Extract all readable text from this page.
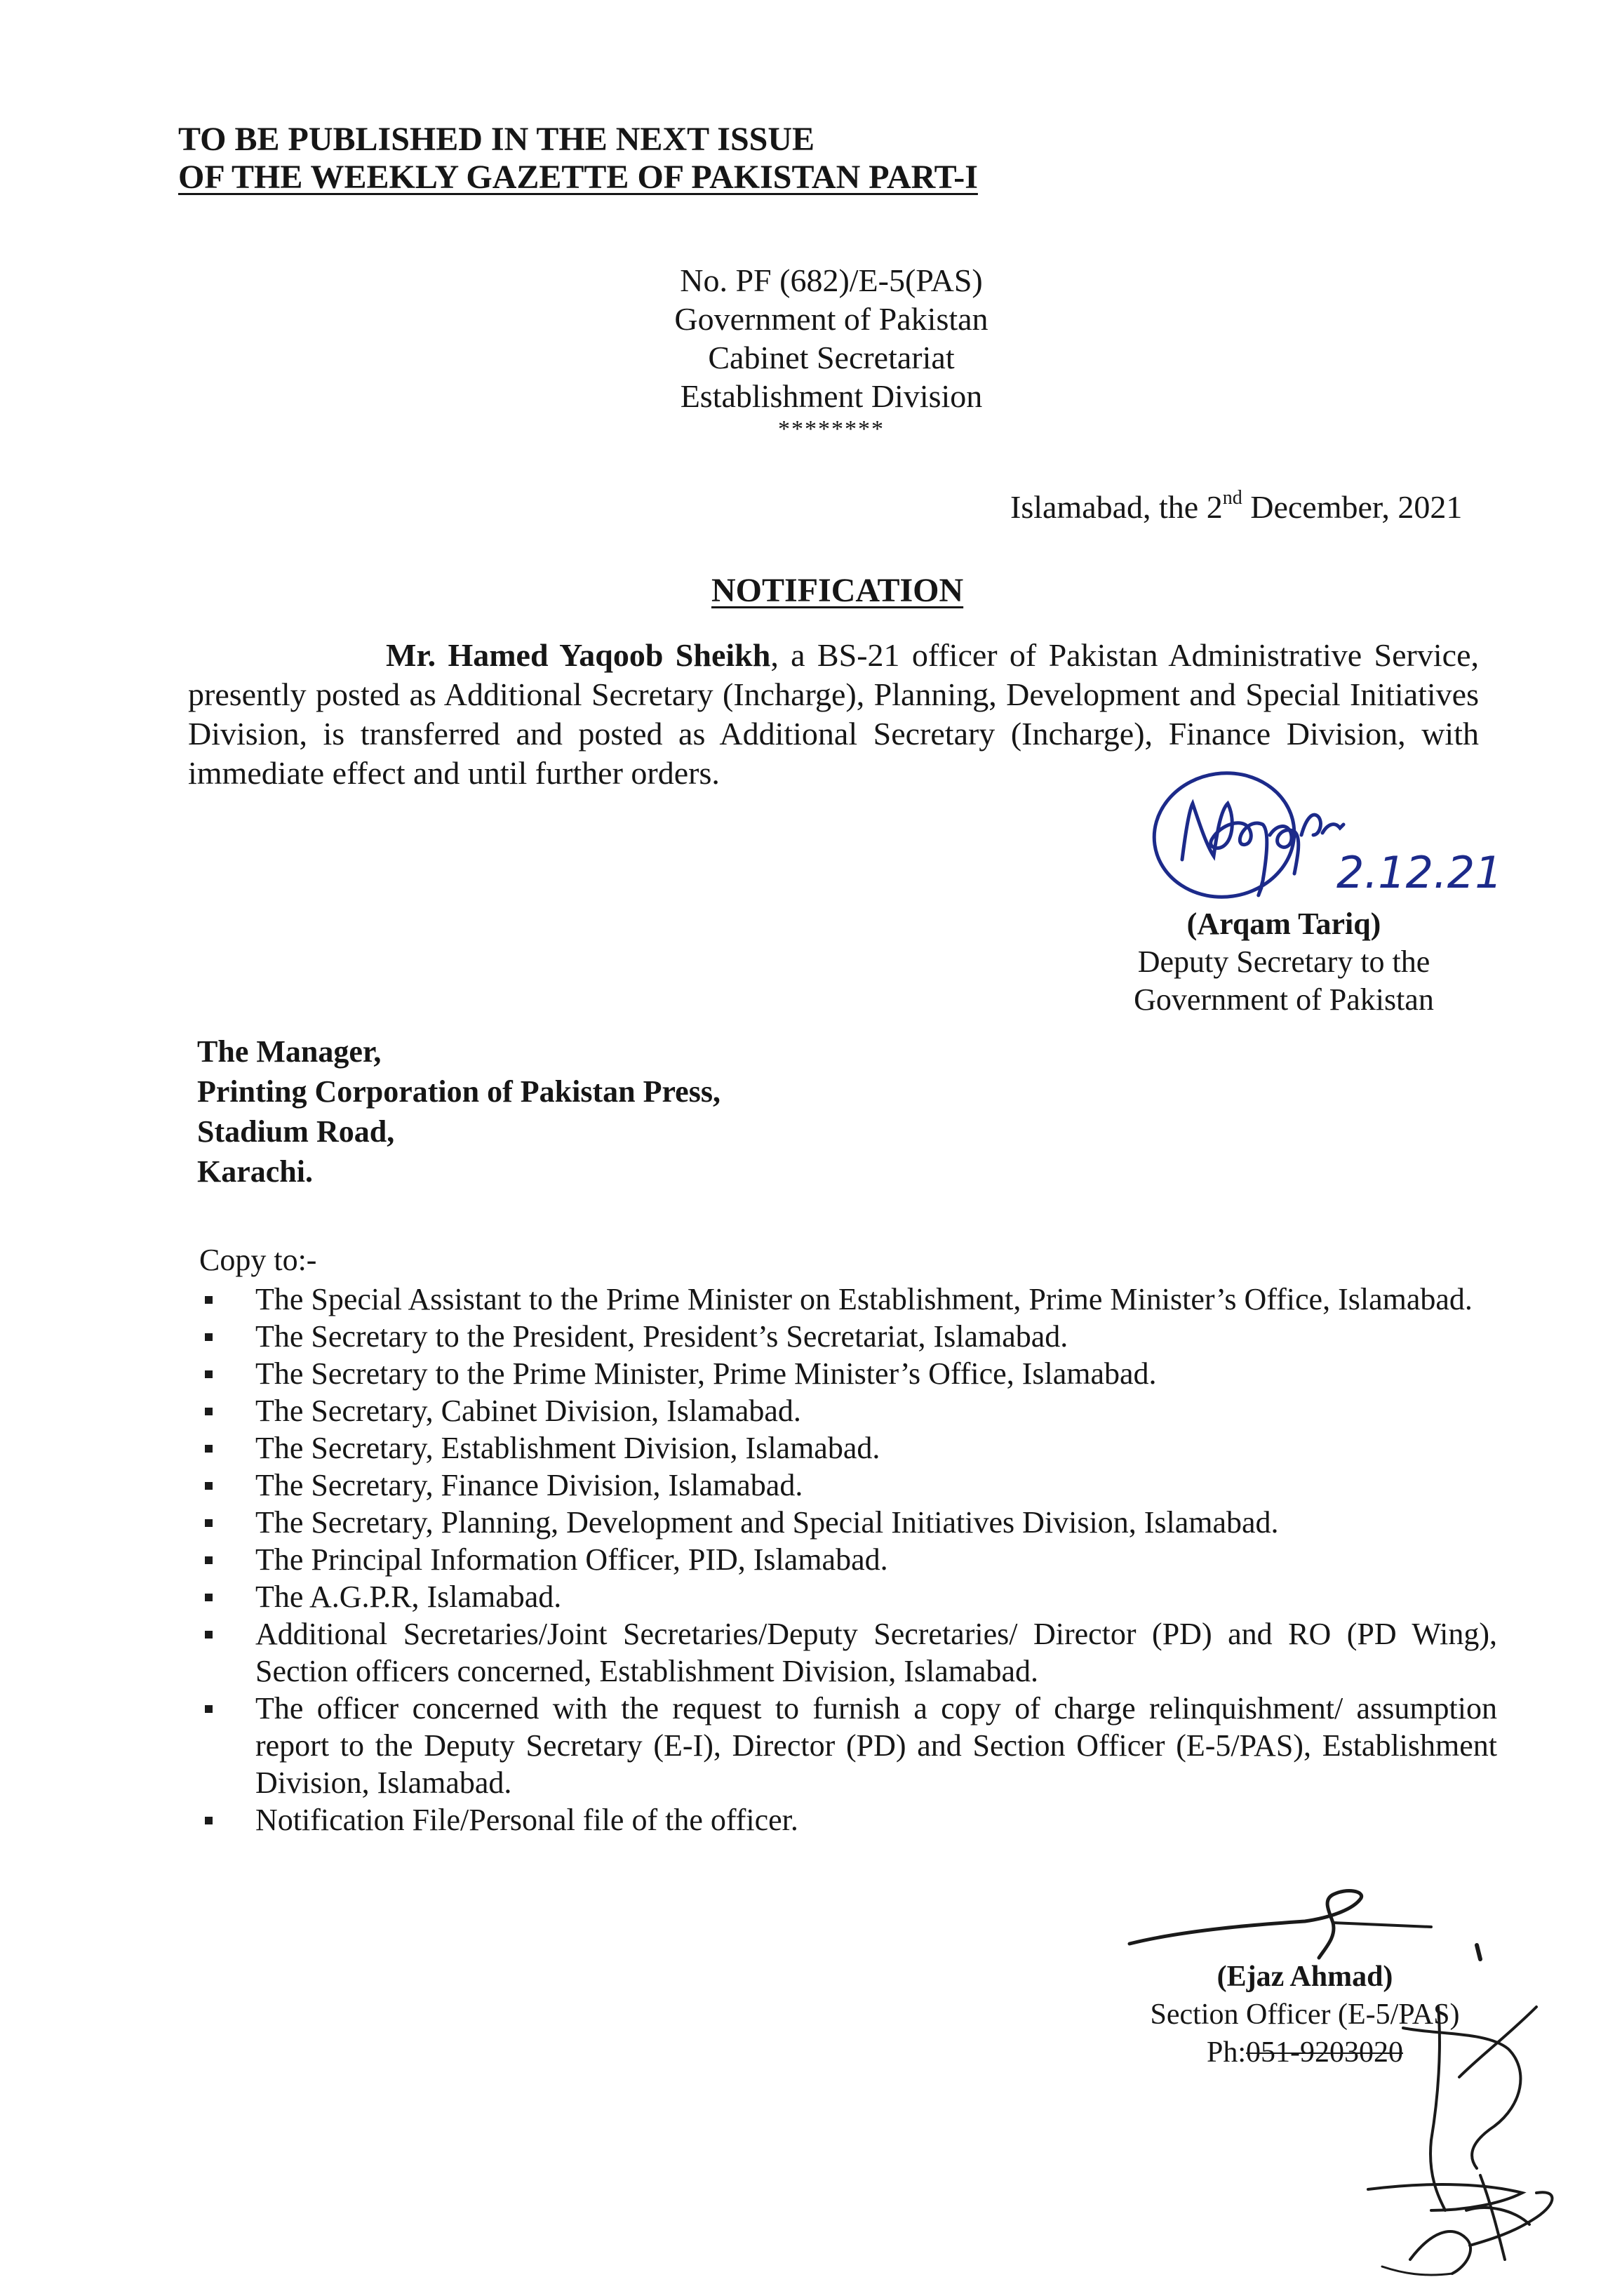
TO BE PUBLISHED IN THE NEXT ISSUE
OF THE WEEKLY GAZETTE OF PAKISTAN PART-I
No. PF (682)/E-5(PAS)
Government of Pakistan
Cabinet Secretariat
Establishment Division
********
Islamabad, the 2nd December, 2021
NOTIFICATION
Mr. Hamed Yaqoob Sheikh, a BS-21 officer of Pakistan Administrative Service, presently posted as Additional Secretary (Incharge), Planning, Development and Special Initiatives Division, is transferred and posted as Additional Secretary (Incharge), Finance Division, with immediate effect and until further orders.
2.12.21
(Arqam Tariq)
Deputy Secretary to the
Government of Pakistan
The Manager,
Printing Corporation of Pakistan Press,
Stadium Road,
Karachi.
Copy to:-
The Special Assistant to the Prime Minister on Establishment, Prime Minister’s Office, Islamabad.
The Secretary to the President, President’s Secretariat, Islamabad.
The Secretary to the Prime Minister, Prime Minister’s Office, Islamabad.
The Secretary, Cabinet Division, Islamabad.
The Secretary, Establishment Division, Islamabad.
The Secretary, Finance Division, Islamabad.
The Secretary, Planning, Development and Special Initiatives Division, Islamabad.
The Principal Information Officer, PID, Islamabad.
The A.G.P.R, Islamabad.
Additional Secretaries/Joint Secretaries/Deputy Secretaries/ Director (PD) and RO (PD Wing), Section officers concerned, Establishment Division, Islamabad.
The officer concerned with the request to furnish a copy of charge relinquishment/ assumption report to the Deputy Secretary (E-I), Director (PD) and Section Officer (E-5/PAS), Establishment Division, Islamabad.
Notification File/Personal file of the officer.
(Ejaz Ahmad)
Section Officer (E-5/PAS)
Ph:051-9203020
